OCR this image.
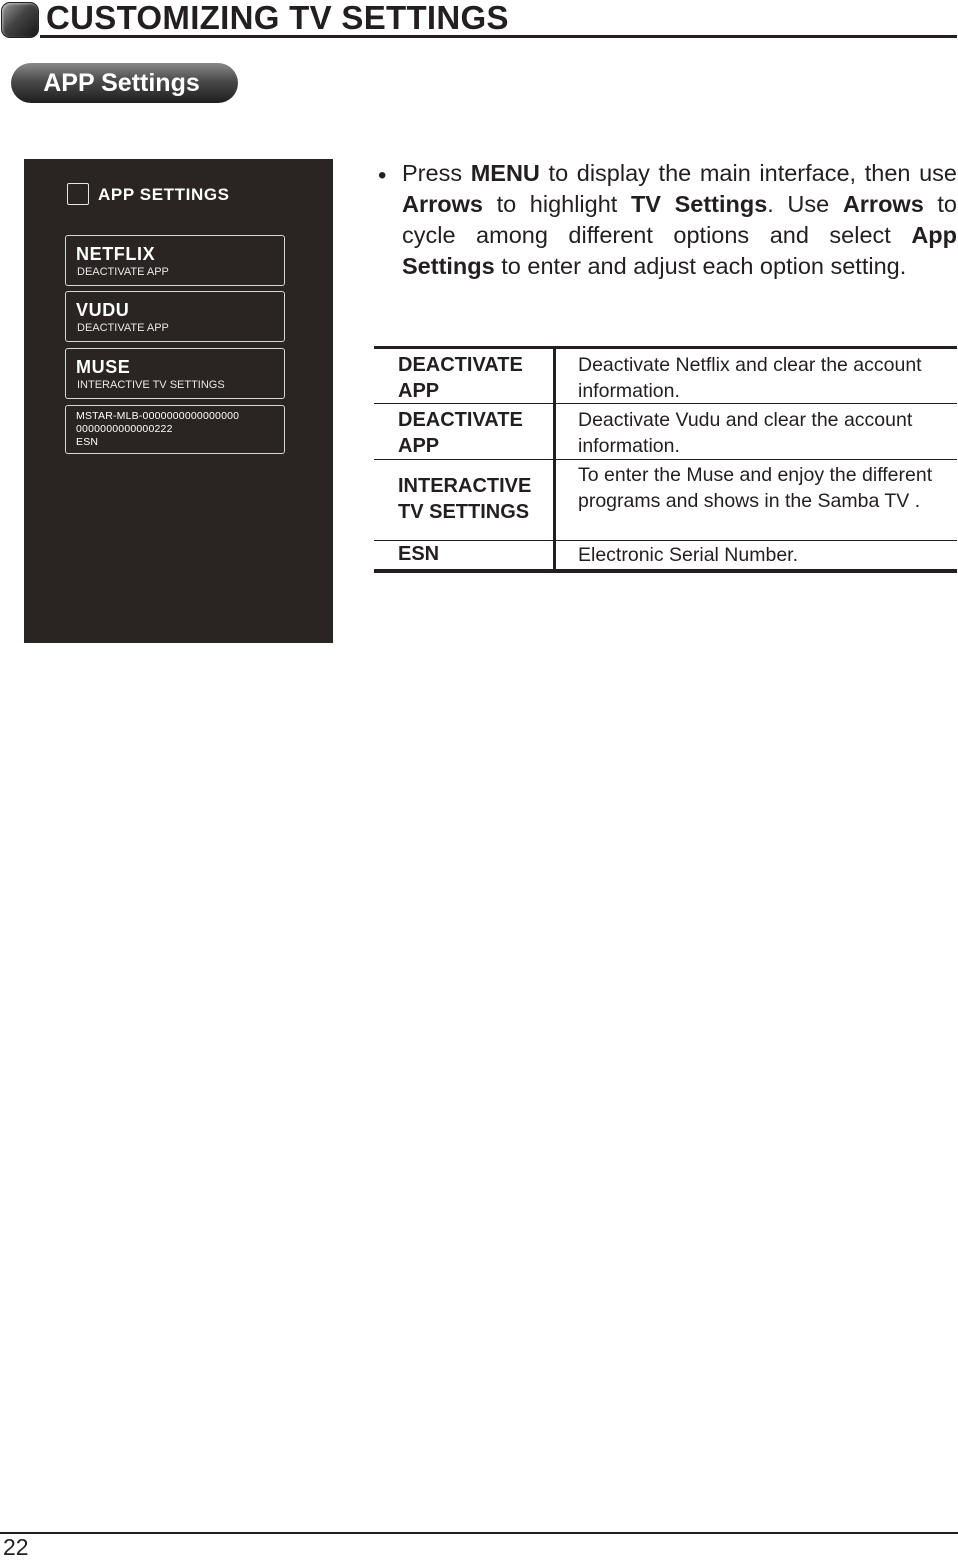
CUSTOMIZING TV SETTINGS
APP Settings
APP SETTINGS
NETFLIX
DEACTIVATE APP
VUDU
DEACTIVATE APP
MUSE
INTERACTIVE TV SETTINGS
MSTAR-MLB-0000000000000000
0000000000000222
ESN
• Press MENU to display the main interface, then use Arrows to highlight TV Settings. Use Arrows to cycle among different options and select App Settings to enter and adjust each option setting.

DEACTIVATE APP
Deactivate Netflix and clear the account information.
DEACTIVATE APP
Deactivate Vudu and clear the account information.
INTERACTIVE TV SETTINGS
To enter the Muse and enjoy the different programs and shows in the Samba TV .
ESN	Electronic Serial Number.
22
